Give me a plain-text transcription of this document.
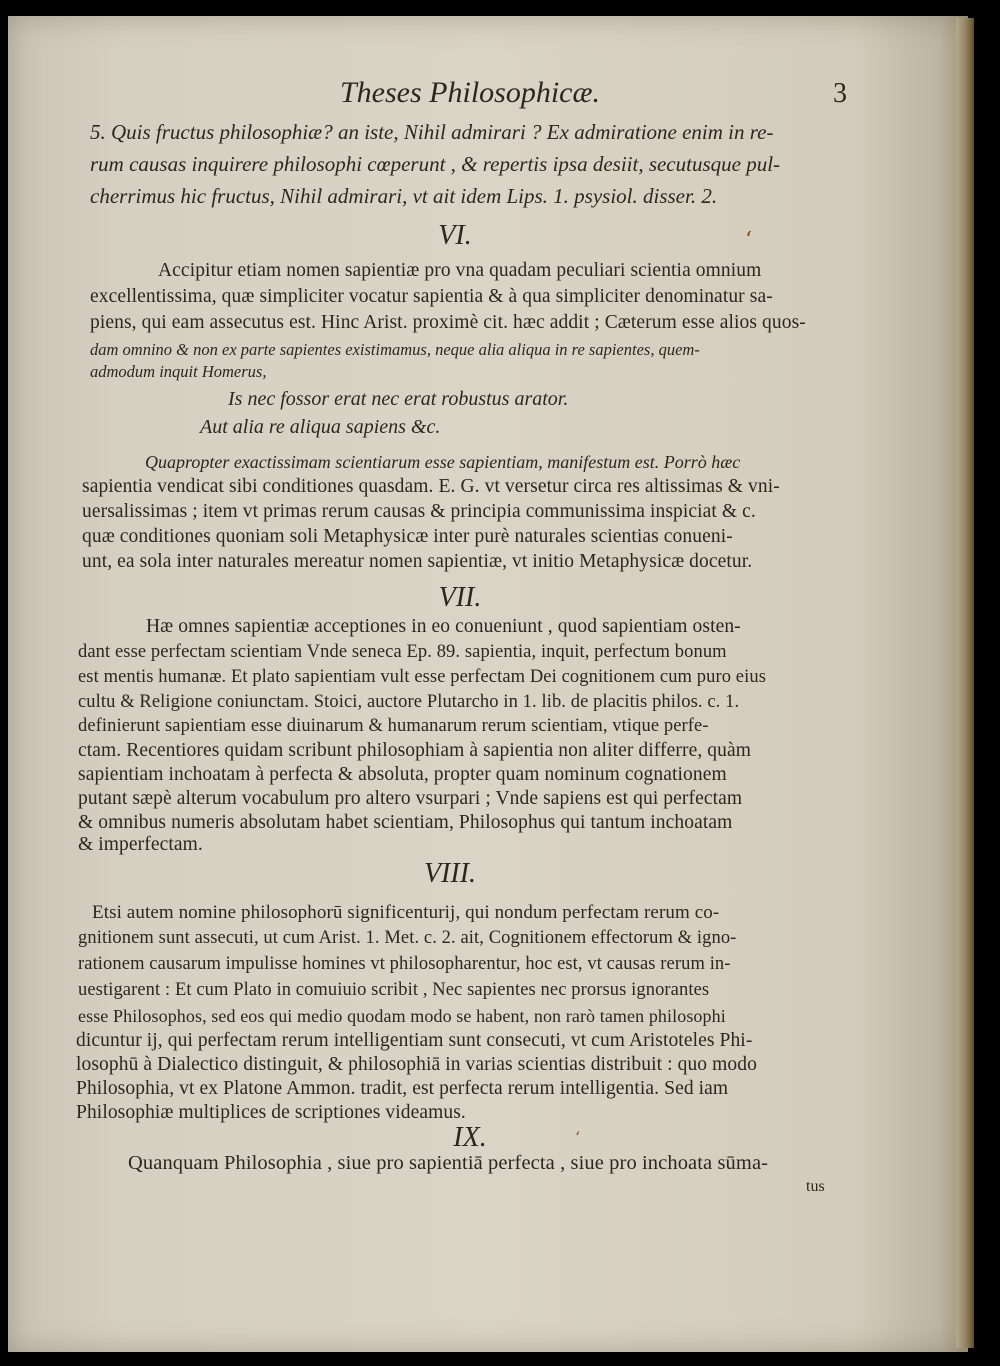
Theses Philosophicæ.	3
5. Quis fructus philosophiæ? an iste, Nihil admirari ? Ex admiratione enim in re-
rum causas inquirere philosophi cœperunt , & repertis ipsa desiit, secutusque pul-
cherrimus hic fructus, Nihil admirari, vt ait idem Lips. 1. psysiol. disser. 2.
VI.	ʻ
Accipitur etiam nomen sapientiæ pro vna quadam peculiari scientia omnium
excellentissima, quæ simpliciter vocatur sapientia & à qua simpliciter denominatur sa-
piens, qui eam assecutus est. Hinc Arist. proximè cit. hæc addit ; Cæterum esse alios quos-
dam omnino & non ex parte sapientes existimamus, neque alia aliqua in re sapientes, quem-
admodum inquit Homerus,
Is nec fossor erat nec erat robustus arator.
Aut alia re aliqua sapiens &c.
Quapropter exactissimam scientiarum esse sapientiam, manifestum est. Porrò hæc
sapientia vendicat sibi conditiones quasdam. E. G. vt versetur circa res altissimas & vni-
uersalissimas ; item vt primas rerum causas & principia communissima inspiciat & c.
quæ conditiones quoniam soli Metaphysicæ inter purè naturales scientias conueni-
unt, ea sola inter naturales mereatur nomen sapientiæ, vt initio Metaphysicæ docetur.
VII.
Hæ omnes sapientiæ acceptiones in eo conueniunt , quod sapientiam osten-
dant esse perfectam scientiam Vnde seneca Ep. 89. sapientia, inquit, perfectum bonum
est mentis humanæ. Et plato sapientiam vult esse perfectam Dei cognitionem cum puro eius
cultu & Religione coniunctam. Stoici, auctore Plutarcho in 1. lib. de placitis philos. c. 1.
definierunt sapientiam esse diuinarum & humanarum rerum scientiam, vtique perfe-
ctam. Recentiores quidam scribunt philosophiam à sapientia non aliter differre, quàm
sapientiam inchoatam à perfecta & absoluta, propter quam nominum cognationem
putant sæpè alterum vocabulum pro altero vsurpari ; Vnde sapiens est qui perfectam
& omnibus numeris absolutam habet scientiam, Philosophus qui tantum inchoatam
& imperfectam.
VIII.
Etsi autem nomine philosophorū significenturij, qui nondum perfectam rerum co-
gnitionem sunt assecuti, ut cum Arist. 1. Met. c. 2. ait, Cognitionem effectorum & igno-
rationem causarum impulisse homines vt philosopharentur, hoc est, vt causas rerum in-
uestigarent : Et cum Plato in comuiuio scribit , Nec sapientes nec prorsus ignorantes
esse Philosophos, sed eos qui medio quodam modo se habent, non rarò tamen philosophi
dicuntur ij, qui perfectam rerum intelligentiam sunt consecuti, vt cum Aristoteles Phi-
losophū à Dialectico distinguit, & philosophiā in varias scientias distribuit : quo modo
Philosophia, vt ex Platone Ammon. tradit, est perfecta rerum intelligentia. Sed iam
Philosophiæ multiplices de scriptiones videamus.
IX.	ʻ
Quanquam Philosophia , siue pro sapientiā perfecta , siue pro inchoata sūma-
tus
